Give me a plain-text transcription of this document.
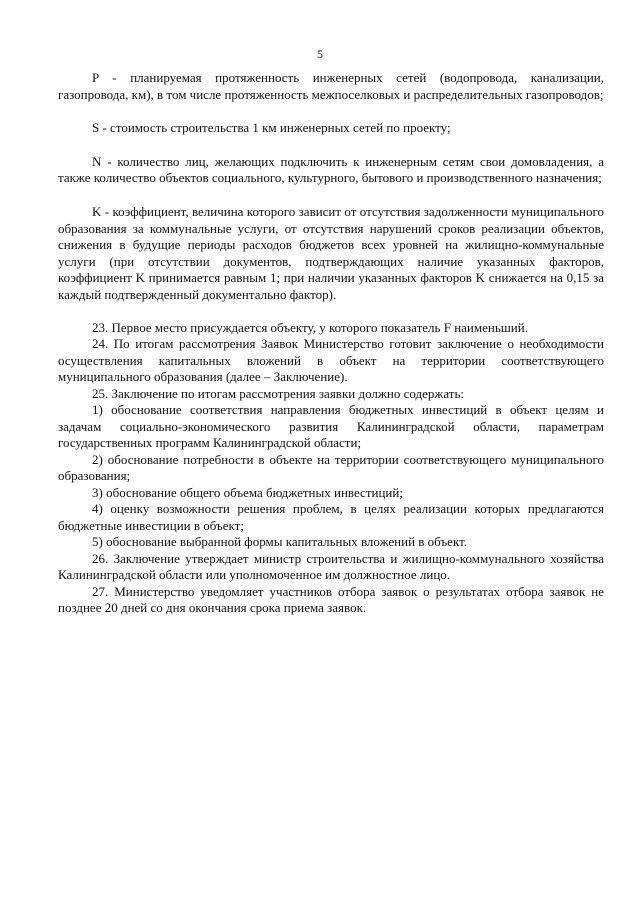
5

P - планируемая протяженность инженерных сетей (водопровода, канализации, газопровода, км), в том числе протяженность межпоселковых и распределительных газопроводов;

S - стоимость строительства 1 км инженерных сетей по проекту;

N - количество лиц, желающих подключить к инженерным сетям свои домовладения, а также количество объектов социального, культурного, бытового и производственного назначения;

K - коэффициент, величина которого зависит от отсутствия задолженности муниципального образования за коммунальные услуги, от отсутствия нарушений сроков реализации объектов, снижения в будущие периоды расходов бюджетов всех уровней на жилищно-коммунальные услуги (при отсутствии документов, подтверждающих наличие указанных факторов, коэффициент K принимается равным 1; при наличии указанных факторов K снижается на 0,15 за каждый подтвержденный документально фактор).

23. Первое место присуждается объекту, у которого показатель F наименьший.

24. По итогам рассмотрения Заявок Министерство готовит заключение о необходимости осуществления капитальных вложений в объект на территории соответствующего муниципального образования (далее – Заключение).

25. Заключение по итогам рассмотрения заявки должно содержать:

1) обоснование соответствия направления бюджетных инвестиций в объект целям и задачам социально-экономического развития Калининградской области, параметрам государственных программ Калининградской области;

2) обоснование потребности в объекте на территории соответствующего муниципального образования;

3) обоснование общего объема бюджетных инвестиций;

4) оценку возможности решения проблем, в целях реализации которых предлагаются бюджетные инвестиции в объект;

5) обоснование выбранной формы капитальных вложений в объект.

26. Заключение утверждает министр строительства и жилищно-коммунального хозяйства Калининградской области или уполномоченное им должностное лицо.

27. Министерство уведомляет участников отбора заявок о результатах отбора заявок не позднее 20 дней со дня окончания срока приема заявок.
